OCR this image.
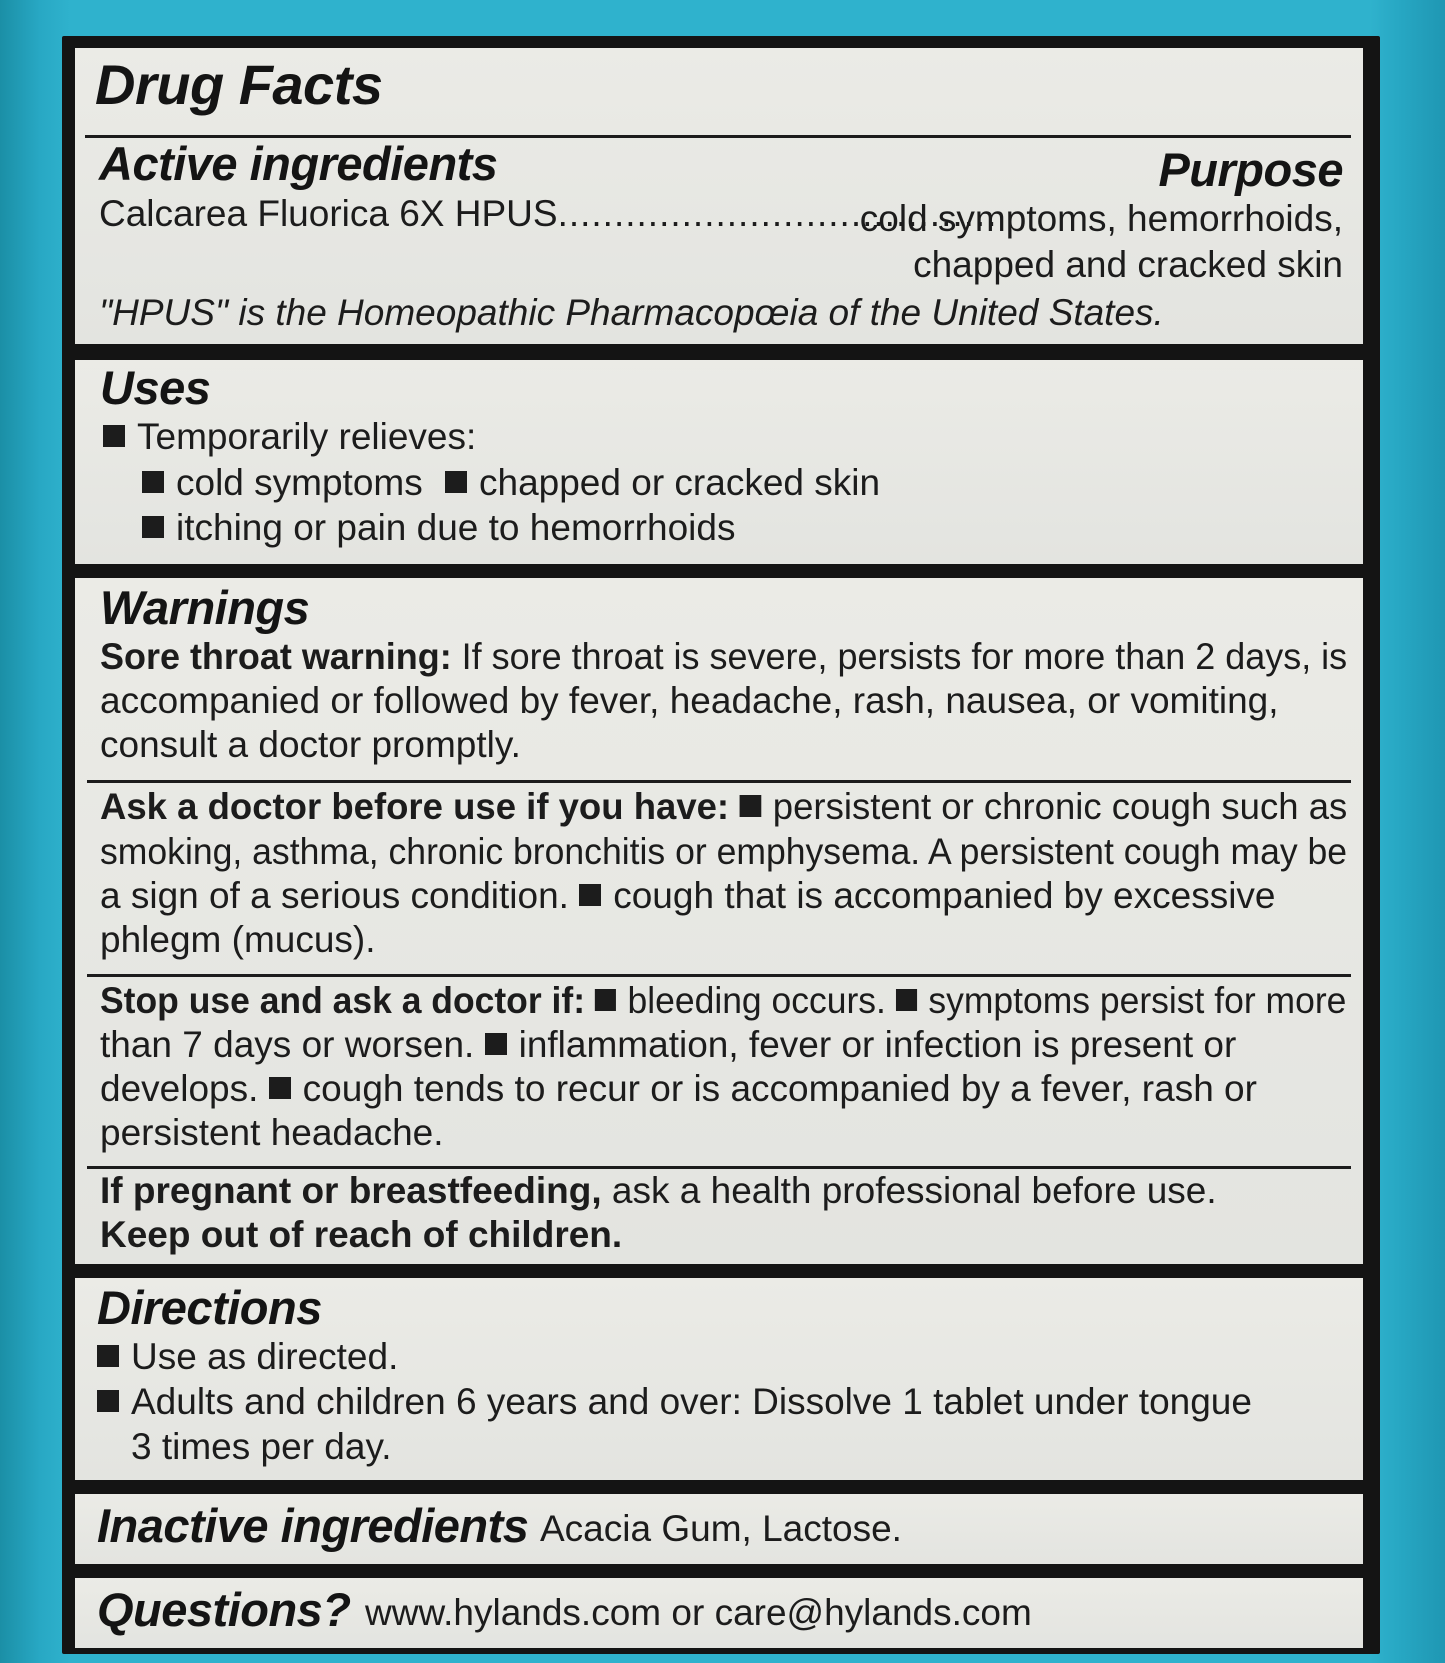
Drug Facts
Active ingredients	Purpose
Calcarea Fluorica 6X HPUS.......................................
cold symptoms, hemorrhoids,
chapped and cracked skin
"HPUS" is the Homeopathic Pharmacopœia of the United States.
Uses
Temporarily relieves:
cold symptoms	chapped or cracked skin
itching or pain due to hemorrhoids
Warnings
Sore throat warning: If sore throat is severe, persists for more than 2 days, is
accompanied or followed by fever, headache, rash, nausea, or vomiting,
consult a doctor promptly.
Ask a doctor before use if you have: persistent or chronic cough such as
smoking, asthma, chronic bronchitis or emphysema. A persistent cough may be
a sign of a serious condition. cough that is accompanied by excessive
phlegm (mucus).
Stop use and ask a doctor if: bleeding occurs. symptoms persist for more
than 7 days or worsen. inflammation, fever or infection is present or
develops. cough tends to recur or is accompanied by a fever, rash or
persistent headache.
If pregnant or breastfeeding, ask a health professional before use.
Keep out of reach of children.
Directions
Use as directed.
Adults and children 6 years and over: Dissolve 1 tablet under tongue
3 times per day.
Inactive ingredients Acacia Gum, Lactose.
Questions? www.hylands.com or care@hylands.com
